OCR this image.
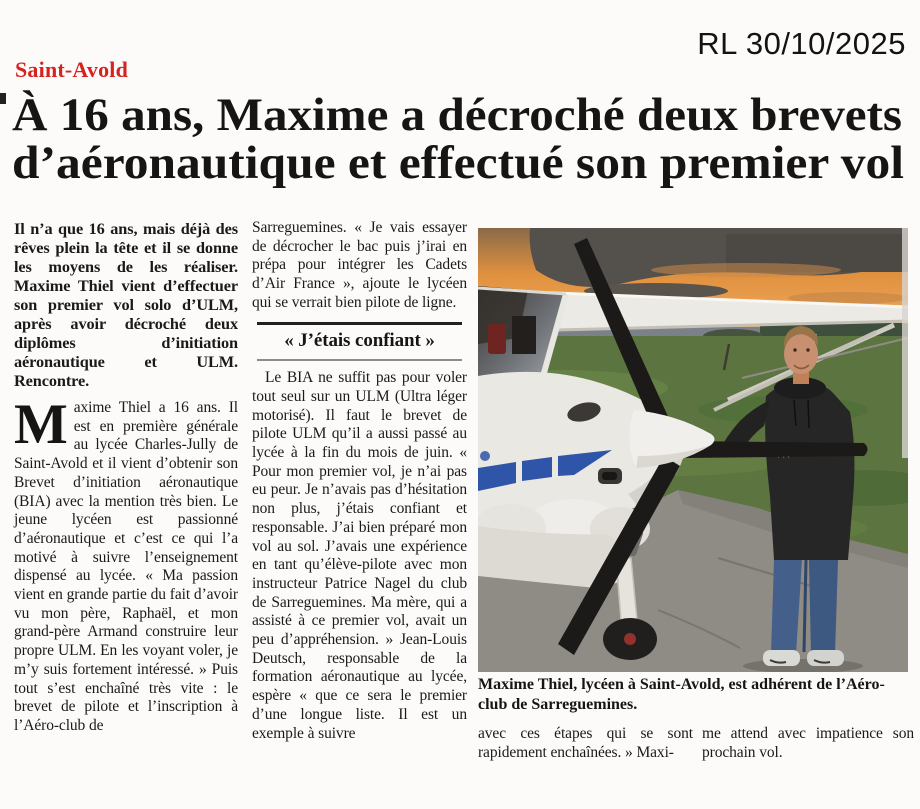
RL 30/10/2025
Saint-Avold
À 16 ans, Maxime a décroché deux brevets
d’aéronautique et effectué son premier vol

Il n’a que 16 ans, mais déjà des rêves plein la tête et il se donne les moyens de les réaliser. Maxime Thiel vient d’effectuer son premier vol solo d’ULM, après avoir décroché deux diplômes d’initiation aéronautique et ULM. Rencontre.

Maxime Thiel a 16 ans. Il est en première générale au lycée Charles-Jully de Saint-Avold et il vient d’obtenir son Brevet d’initiation aéronautique (BIA) avec la mention très bien. Le jeune lycéen est passionné d’aéronautique et c’est ce qui l’a motivé à suivre l’enseignement dispensé au lycée. « Ma passion vient en grande partie du fait d’avoir vu mon père, Raphaël, et mon grand-père Armand construire leur propre ULM. En les voyant voler, je m’y suis fortement intéressé. » Puis tout s’est enchaîné très vite : le brevet de pilote et l’inscription à l’Aéro-club de

Sarreguemines. « Je vais essayer de décrocher le bac puis j’irai en prépa pour intégrer les Cadets d’Air France », ajoute le lycéen qui se verrait bien pilote de ligne.

« J’étais confiant »

Le BIA ne suffit pas pour voler tout seul sur un ULM (Ultra léger motorisé). Il faut le brevet de pilote ULM qu’il a aussi passé au lycée à la fin du mois de juin. « Pour mon premier vol, je n’ai pas eu peur. Je n’avais pas d’hésitation non plus, j’étais confiant et responsable. J’ai bien préparé mon vol au sol. J’avais une expérience en tant qu’élève-pilote avec mon instructeur Patrice Nagel du club de Sarreguemines. Ma mère, qui a assisté à ce premier vol, avait un peu d’appréhension. » Jean-Louis Deutsch, responsable de la formation aéronautique au lycée, espère « que ce sera le premier d’une longue liste. Il est un exemple à suivre

Maxime Thiel, lycéen à Saint-Avold, est adhérent de l’Aéro-club de Sarreguemines.
avec ces étapes qui se sont rapidement enchaînées. » Maxi-
me attend avec impatience son prochain vol.
